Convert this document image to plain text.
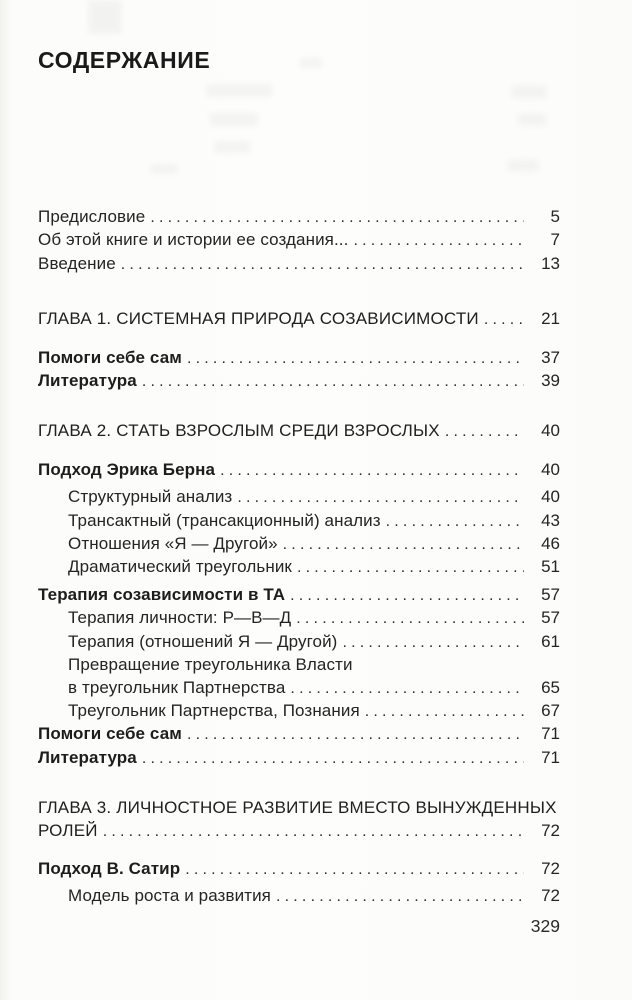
СОДЕРЖАНИЕ
Предисловие .....	5
Об этой книге и истории ее создания... .....	7
Введение .....	13
ГЛАВА 1. СИСТЕМНАЯ ПРИРОДА СОЗАВИСИМОСТИ .....	21
Помоги себе сам .....	37
Литература .....	39
ГЛАВА 2. СТАТЬ ВЗРОСЛЫМ СРЕДИ ВЗРОСЛЫХ .....	40
Подход Эрика Берна .....	40
Структурный анализ .....	40
Трансактный (трансакционный) анализ .....	43
Отношения «Я — Другой» .....	46
Драматический треугольник .....	51
Терапия созависимости в ТА .....	57
Терапия личности: Р—В—Д .....	57
Терапия (отношений Я — Другой) .....	61
Превращение треугольника Власти
в треугольник Партнерства .....	65
Треугольник Партнерства, Познания .....	67
Помоги себе сам .....	71
Литература .....	71
ГЛАВА 3. ЛИЧНОСТНОЕ РАЗВИТИЕ ВМЕСТО ВЫНУЖДЕННЫХ
РОЛЕЙ .....	72
Подход В. Сатир .....	72
Модель роста и развития .....	72
329
